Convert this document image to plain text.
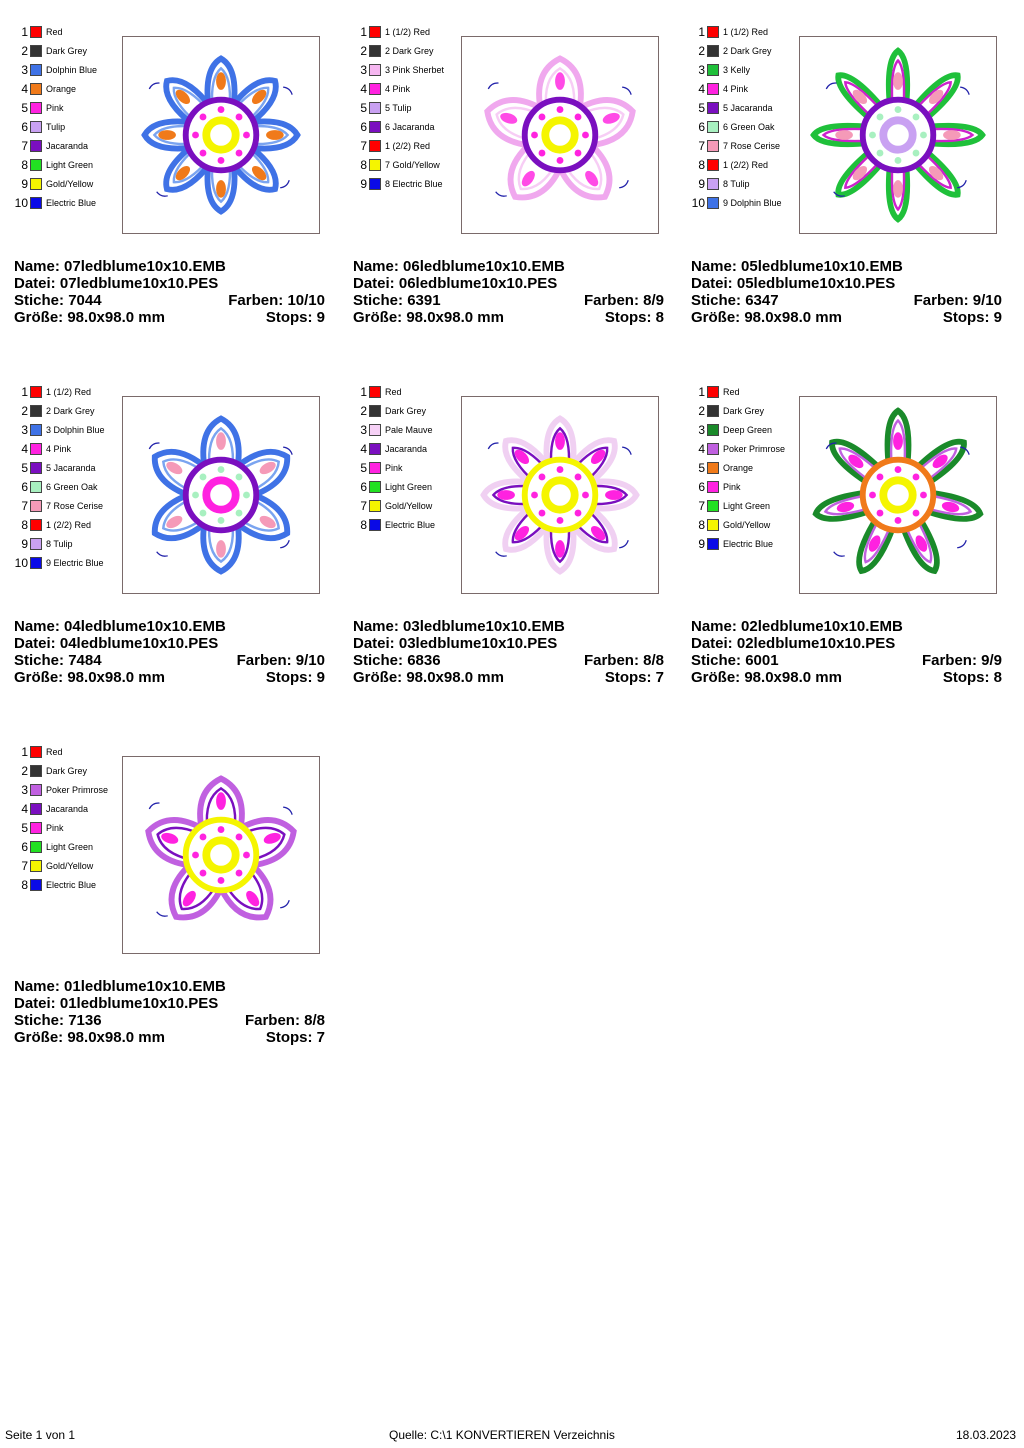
1 Red
2 Dark Grey
3 Dolphin Blue
4 Orange
5 Pink
6 Tulip
7 Jacaranda
8 Light Green
9 Gold/Yellow
10 Electric Blue
Name: 07ledblume10x10.EMB
Datei: 07ledblume10x10.PES
Stiche: 7044	Farben: 10/10
Größe: 98.0x98.0 mm	Stops: 9
1 1 (1/2) Red
2 2 Dark Grey
3 3 Pink Sherbet
4 4 Pink
5 5 Tulip
6 6 Jacaranda
7 1 (2/2) Red
8 7 Gold/Yellow
9 8 Electric Blue
Name: 06ledblume10x10.EMB
Datei: 06ledblume10x10.PES
Stiche: 6391	Farben: 8/9
Größe: 98.0x98.0 mm	Stops: 8
1 1 (1/2) Red
2 2 Dark Grey
3 3 Kelly
4 4 Pink
5 5 Jacaranda
6 6 Green Oak
7 7 Rose Cerise
8 1 (2/2) Red
9 8 Tulip
10 9 Dolphin Blue
Name: 05ledblume10x10.EMB
Datei: 05ledblume10x10.PES
Stiche: 6347	Farben: 9/10
Größe: 98.0x98.0 mm	Stops: 9
1 1 (1/2) Red
2 2 Dark Grey
3 3 Dolphin Blue
4 4 Pink
5 5 Jacaranda
6 6 Green Oak
7 7 Rose Cerise
8 1 (2/2) Red
9 8 Tulip
10 9 Electric Blue
Name: 04ledblume10x10.EMB
Datei: 04ledblume10x10.PES
Stiche: 7484	Farben: 9/10
Größe: 98.0x98.0 mm	Stops: 9
1 Red
2 Dark Grey
3 Pale Mauve
4 Jacaranda
5 Pink
6 Light Green
7 Gold/Yellow
8 Electric Blue
Name: 03ledblume10x10.EMB
Datei: 03ledblume10x10.PES
Stiche: 6836	Farben: 8/8
Größe: 98.0x98.0 mm	Stops: 7
1 Red
2 Dark Grey
3 Deep Green
4 Poker Primrose
5 Orange
6 Pink
7 Light Green
8 Gold/Yellow
9 Electric Blue
Name: 02ledblume10x10.EMB
Datei: 02ledblume10x10.PES
Stiche: 6001	Farben: 9/9
Größe: 98.0x98.0 mm	Stops: 8
1 Red
2 Dark Grey
3 Poker Primrose
4 Jacaranda
5 Pink
6 Light Green
7 Gold/Yellow
8 Electric Blue
Name: 01ledblume10x10.EMB
Datei: 01ledblume10x10.PES
Stiche: 7136	Farben: 8/8
Größe: 98.0x98.0 mm	Stops: 7
Seite 1 von 1	Quelle: C:\1 KONVERTIEREN Verzeichnis	18.03.2023
